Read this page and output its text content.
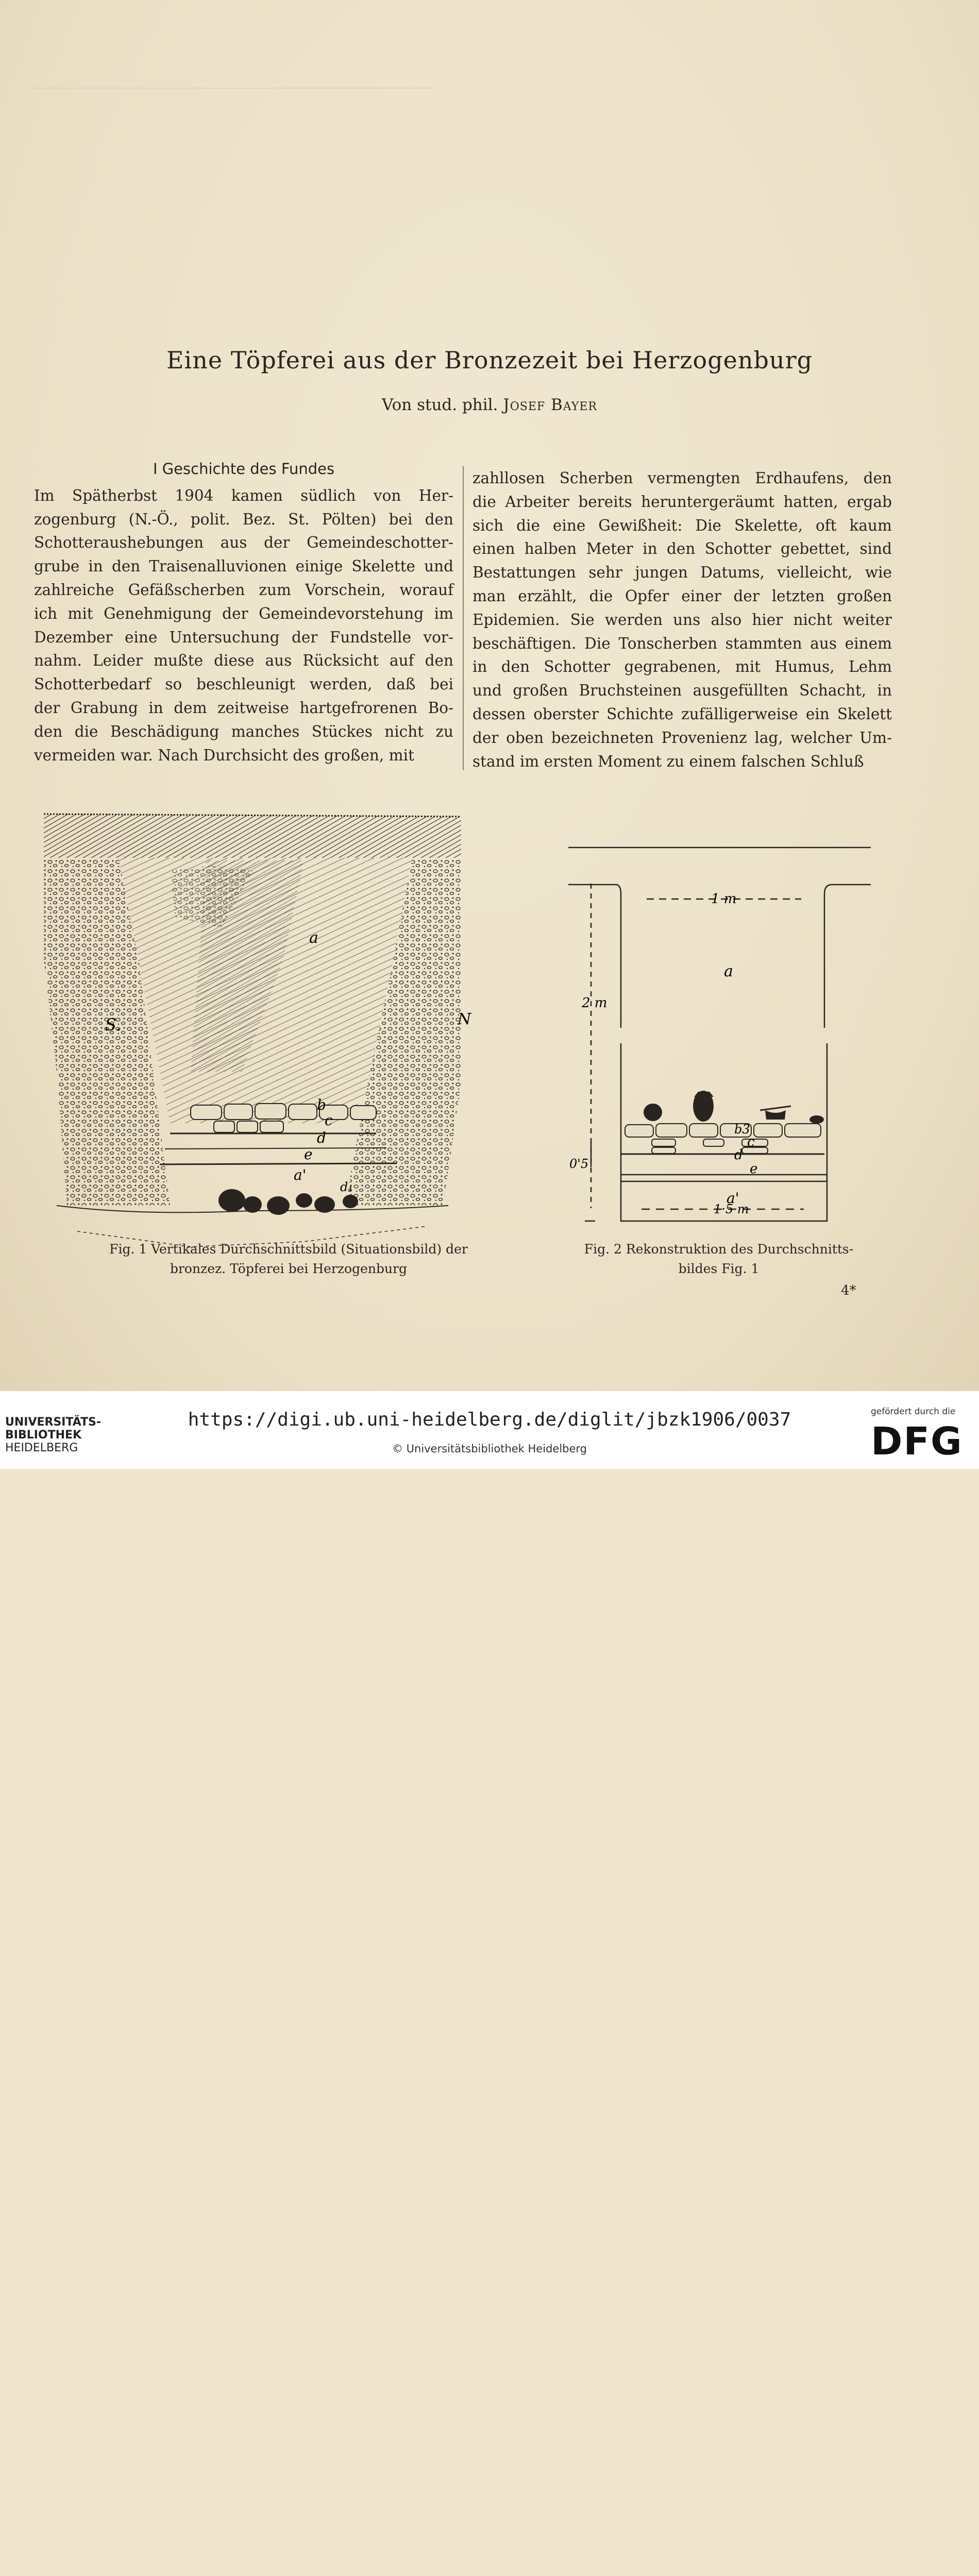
Eine Töpferei aus der Bronzezeit bei Herzogenburg
Von stud. phil. Josef Bayer
I Geschichte des Fundes
Im Spätherbst 1904 kamen südlich von Her-
zogenburg (N.-Ö., polit. Bez. St. Pölten) bei den
Schotteraushebungen aus der Gemeindeschotter-
grube in den Traisenalluvionen einige Skelette und
zahlreiche Gefäßscherben zum Vorschein, worauf
ich mit Genehmigung der Gemeindevorstehung im
Dezember eine Untersuchung der Fundstelle vor-
nahm. Leider mußte diese aus Rücksicht auf den
Schotterbedarf so beschleunigt werden, daß bei
der Grabung in dem zeitweise hartgefrorenen Bo-
den die Beschädigung manches Stückes nicht zu
vermeiden war. Nach Durchsicht des großen, mit
zahllosen Scherben vermengten Erdhaufens, den
die Arbeiter bereits heruntergeräumt hatten, ergab
sich die eine Gewißheit: Die Skelette, oft kaum
einen halben Meter in den Schotter gebettet, sind
Bestattungen sehr jungen Datums, vielleicht, wie
man erzählt, die Opfer einer der letzten großen
Epidemien. Sie werden uns also hier nicht weiter
beschäftigen. Die Tonscherben stammten aus einem
in den Schotter gegrabenen, mit Humus, Lehm
und großen Bruchsteinen ausgefüllten Schacht, in
dessen oberster Schichte zufälligerweise ein Skelett
der oben bezeichneten Provenienz lag, welcher Um-
stand im ersten Moment zu einem falschen Schluß
a
b
c
d
e
a'
d₁
S.	N
Fig. 1 Vertikales Durchschnittsbild (Situationsbild) der
bronzez. Töpferei bei Herzogenburg
1 m
a
2 m
b3
c
d
e
a'
0'5
1·5 m
Fig. 2 Rekonstruktion des Durchschnitts-
bildes Fig. 1
4*
UNIVERSITÄTS-
BIBLIOTHEK
HEIDELBERG
https://digi.ub.uni-heidelberg.de/diglit/jbzk1906/0037
© Universitätsbibliothek Heidelberg
gefördert durch die
DFG
